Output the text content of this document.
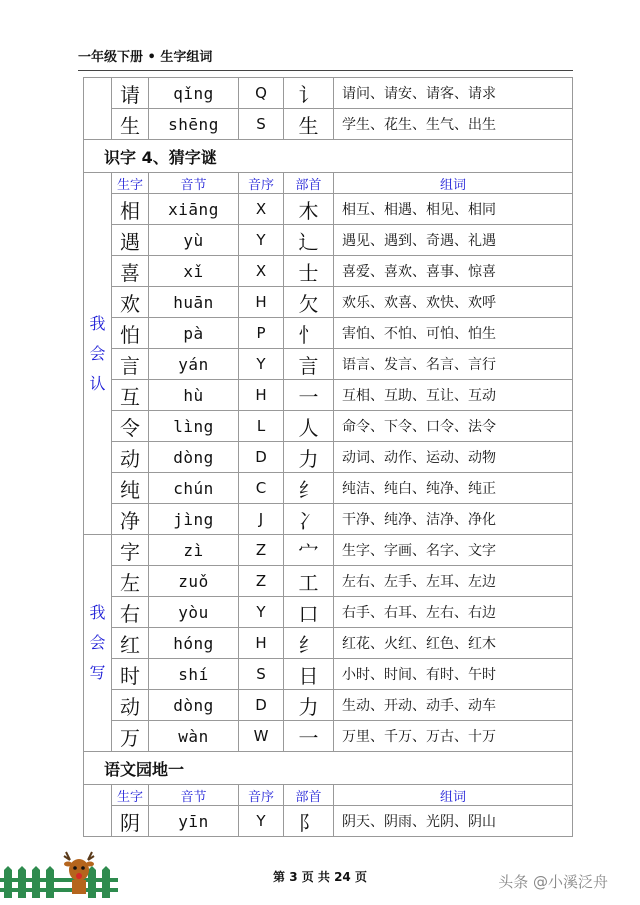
一年级下册 • 生字组词
	请	qǐng	Q	讠	请问、请安、请客、请求
	生	shēng	S	生	学生、花生、生气、出生
识字 4、猜字谜					

我
会
认	生字	音节	音序	部首	组词
	相	xiāng	X	木	相互、相遇、相见、相同
	遇	yù	Y	辶	遇见、遇到、奇遇、礼遇
	喜	xǐ	X	士	喜爱、喜欢、喜事、惊喜
	欢	huān	H	欠	欢乐、欢喜、欢快、欢呼
	怕	pà	P	忄	害怕、不怕、可怕、怕生
	言	yán	Y	言	语言、发言、名言、言行
	互	hù	H	一	互相、互助、互让、互动
	令	lìng	L	人	命令、下令、口令、法令
	动	dòng	D	力	动词、动作、运动、动物
	纯	chún	C	纟	纯洁、纯白、纯净、纯正
	净	jìng	J	冫	干净、纯净、洁净、净化

我
会
写	字	zì	Z	宀	生字、字画、名字、文字
	左	zuǒ	Z	工	左右、左手、左耳、左边
	右	yòu	Y	口	右手、右耳、左右、右边
	红	hóng	H	纟	红花、火红、红色、红木
	时	shí	S	日	小时、时间、有时、午时
	动	dòng	D	力	生动、开动、动手、动车
	万	wàn	W	一	万里、千万、万古、十万
语文园地一					
	生字	音节	音序	部首	组词
	阴	yīn	Y	阝	阴天、阴雨、光阴、阴山
第 3 页 共 24 页	头条 @小溪泛舟
